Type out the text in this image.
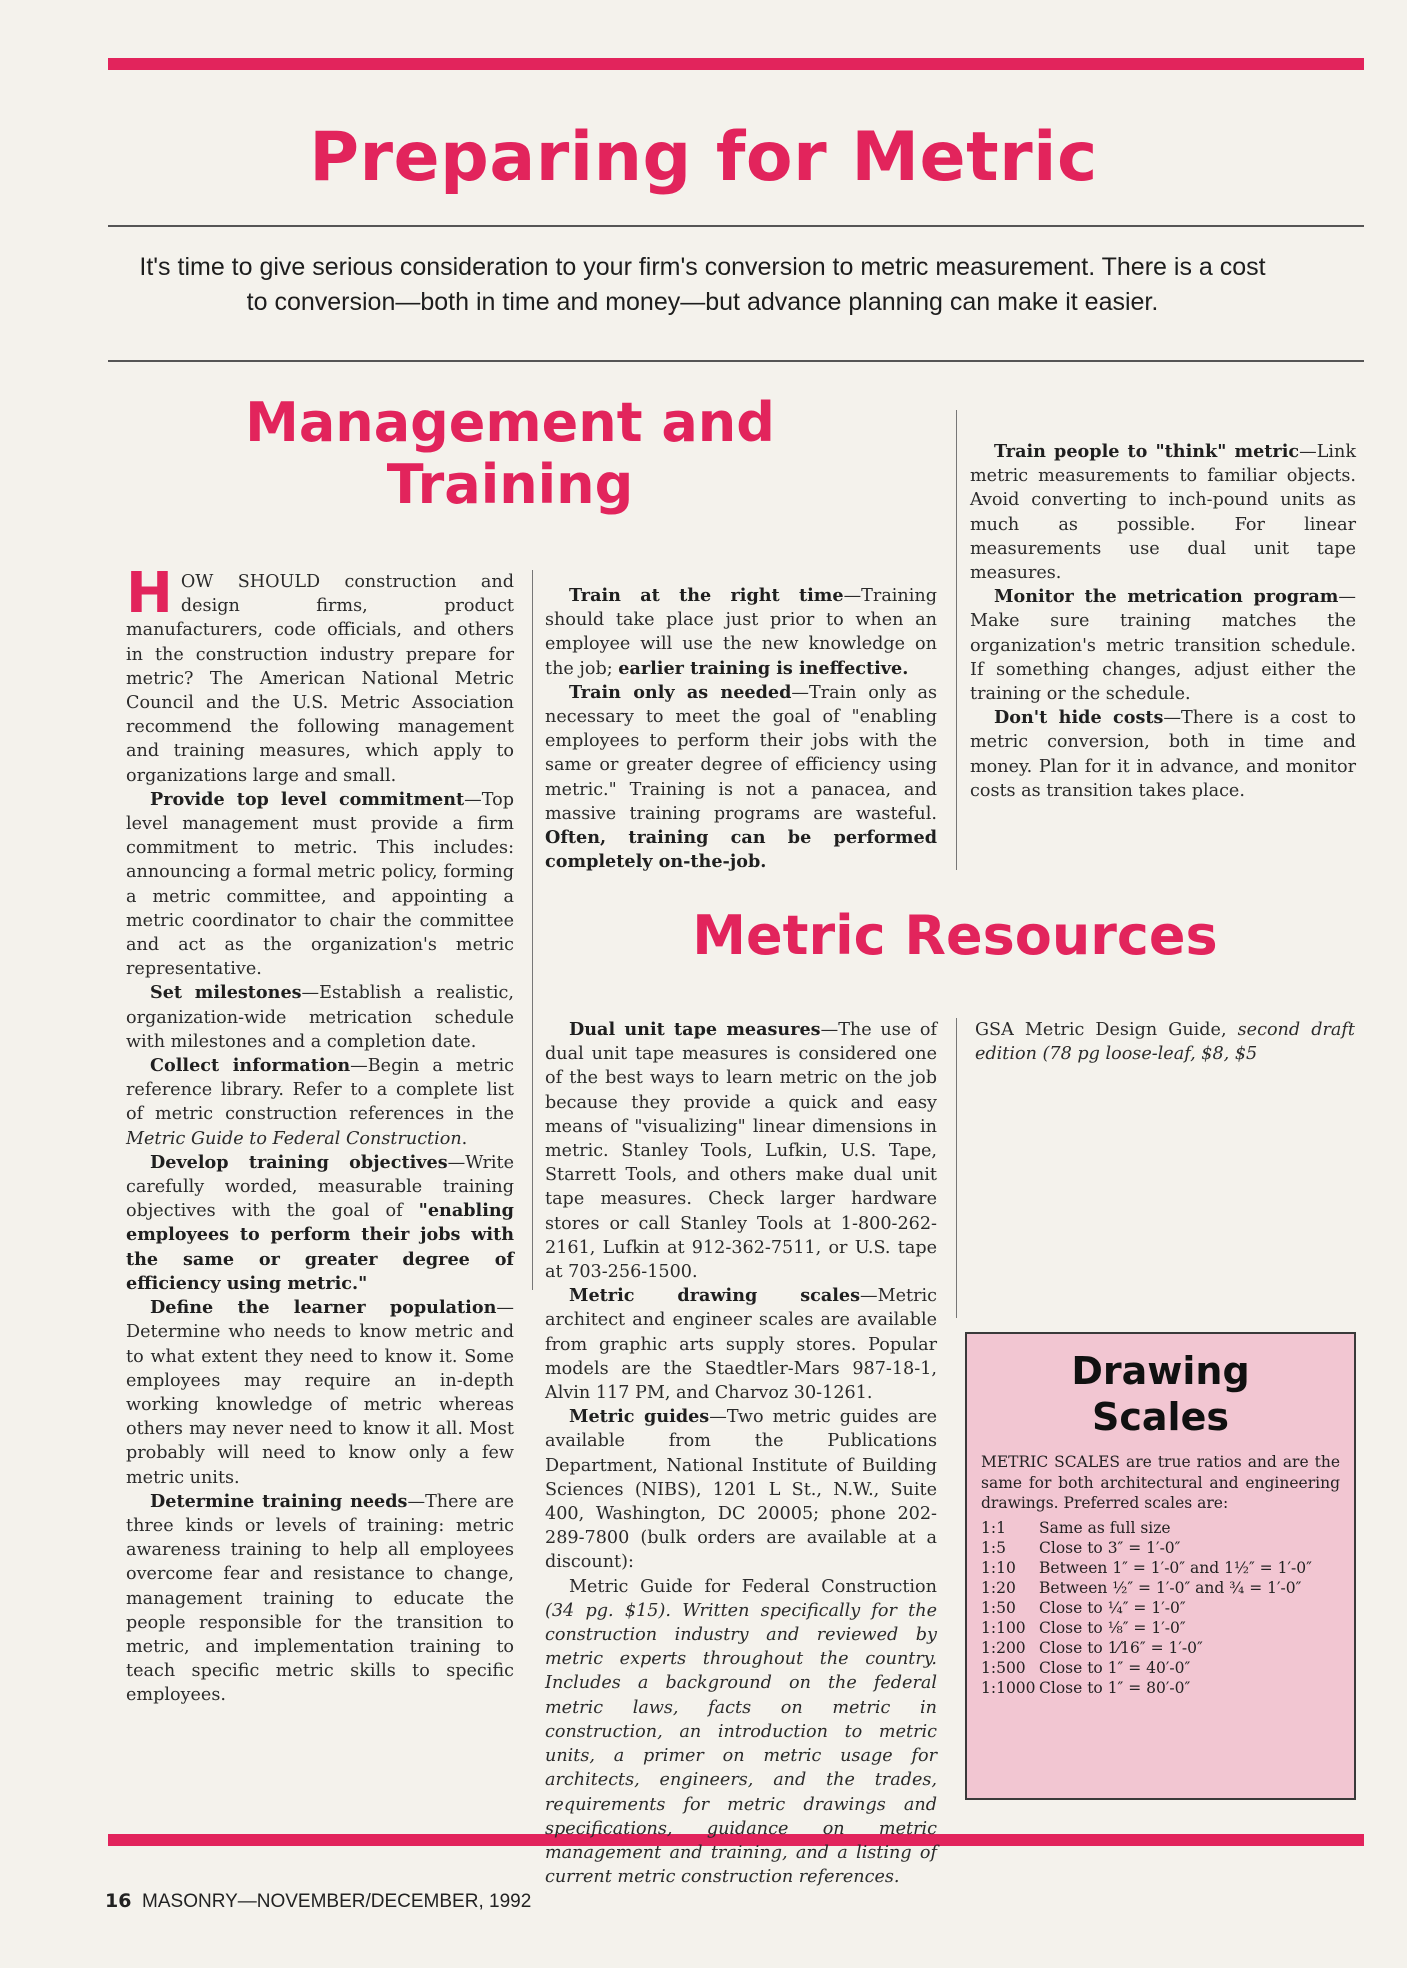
Preparing for Metric
It's time to give serious consideration to your firm's conversion to metric measurement. There is a cost to conversion—both in time and money—but advance planning can make it easier.
Management and
Training

H OW SHOULD construction and design firms, product manufacturers, code officials, and others in the construction industry prepare for metric? The American National Metric Council and the U.S. Metric Association recommend the following management and training measures, which apply to organizations large and small.

Provide top level commitment—Top level management must provide a firm commitment to metric. This includes: announcing a formal metric policy, forming a metric committee, and appointing a metric coordinator to chair the committee and act as the organization's metric representative.

Set milestones—Establish a realistic, organization-wide metrication schedule with milestones and a completion date.

Collect information—Begin a metric reference library. Refer to a complete list of metric construction references in the Metric Guide to Federal Construction.

Develop training objectives—Write carefully worded, measurable training objectives with the goal of "enabling employees to perform their jobs with the same or greater degree of efficiency using metric."

Define the learner population—Determine who needs to know metric and to what extent they need to know it. Some employees may require an in-depth working knowledge of metric whereas others may never need to know it all. Most probably will need to know only a few metric units.

Determine training needs—There are three kinds or levels of training: metric awareness training to help all employees overcome fear and resistance to change, management training to educate the people responsible for the transition to metric, and implementation training to teach specific metric skills to specific employees.

Train at the right time—Training should take place just prior to when an employee will use the new knowledge on the job; earlier training is ineffective.

Train only as needed—Train only as necessary to meet the goal of "enabling employees to perform their jobs with the same or greater degree of efficiency using metric." Training is not a panacea, and massive training programs are wasteful. Often, training can be performed completely on-the-job.

Train people to "think" metric—Link metric measurements to familiar objects. Avoid converting to inch-pound units as much as possible. For linear measurements use dual unit tape measures.

Monitor the metrication program—Make sure training matches the organization's metric transition schedule. If something changes, adjust either the training or the schedule.

Don't hide costs—There is a cost to metric conversion, both in time and money. Plan for it in advance, and monitor costs as transition takes place.

Metric Resources

Dual unit tape measures—The use of dual unit tape measures is considered one of the best ways to learn metric on the job because they provide a quick and easy means of "visualizing" linear dimensions in metric. Stanley Tools, Lufkin, U.S. Tape, Starrett Tools, and others make dual unit tape measures. Check larger hardware stores or call Stanley Tools at 1-800-262-2161, Lufkin at 912-362-7511, or U.S. tape at 703-256-1500.

Metric drawing scales—Metric architect and engineer scales are available from graphic arts supply stores. Popular models are the Staedtler-Mars 987-18-1, Alvin 117 PM, and Charvoz 30-1261.

Metric guides—Two metric guides are available from the Publications Department, National Institute of Building Sciences (NIBS), 1201 L St., N.W., Suite 400, Washington, DC 20005; phone 202-289-7800 (bulk orders are available at a discount):

Metric Guide for Federal Construction (34 pg. $15). Written specifically for the construction industry and reviewed by metric experts throughout the country. Includes a background on the federal metric laws, facts on metric in construction, an introduction to metric units, a primer on metric usage for architects, engineers, and the trades, requirements for metric drawings and specifications, guidance on metric management and training, and a listing of current metric construction references.

GSA Metric Design Guide, second draft edition (78 pg loose-leaf, $8, $5

Drawing
Scales
METRIC SCALES are true ratios and are the same for both architectural and engineering drawings. Preferred scales are:
1:1	Same as full size
1:5	Close to 3″ = 1′-0″
1:10	Between 1″ = 1′-0″ and 1½″ = 1′-0″
1:20	Between ½″ = 1′-0″ and ¾ = 1′-0″
1:50	Close to ¼″ = 1′-0″
1:100 Close to ⅛″ = 1′-0″
1:200 Close to 1⁄16″ = 1′-0″
1:500 Close to 1″ = 40′-0″
1:1000 Close to 1″ = 80′-0″
16 MASONRY—NOVEMBER/DECEMBER, 1992
